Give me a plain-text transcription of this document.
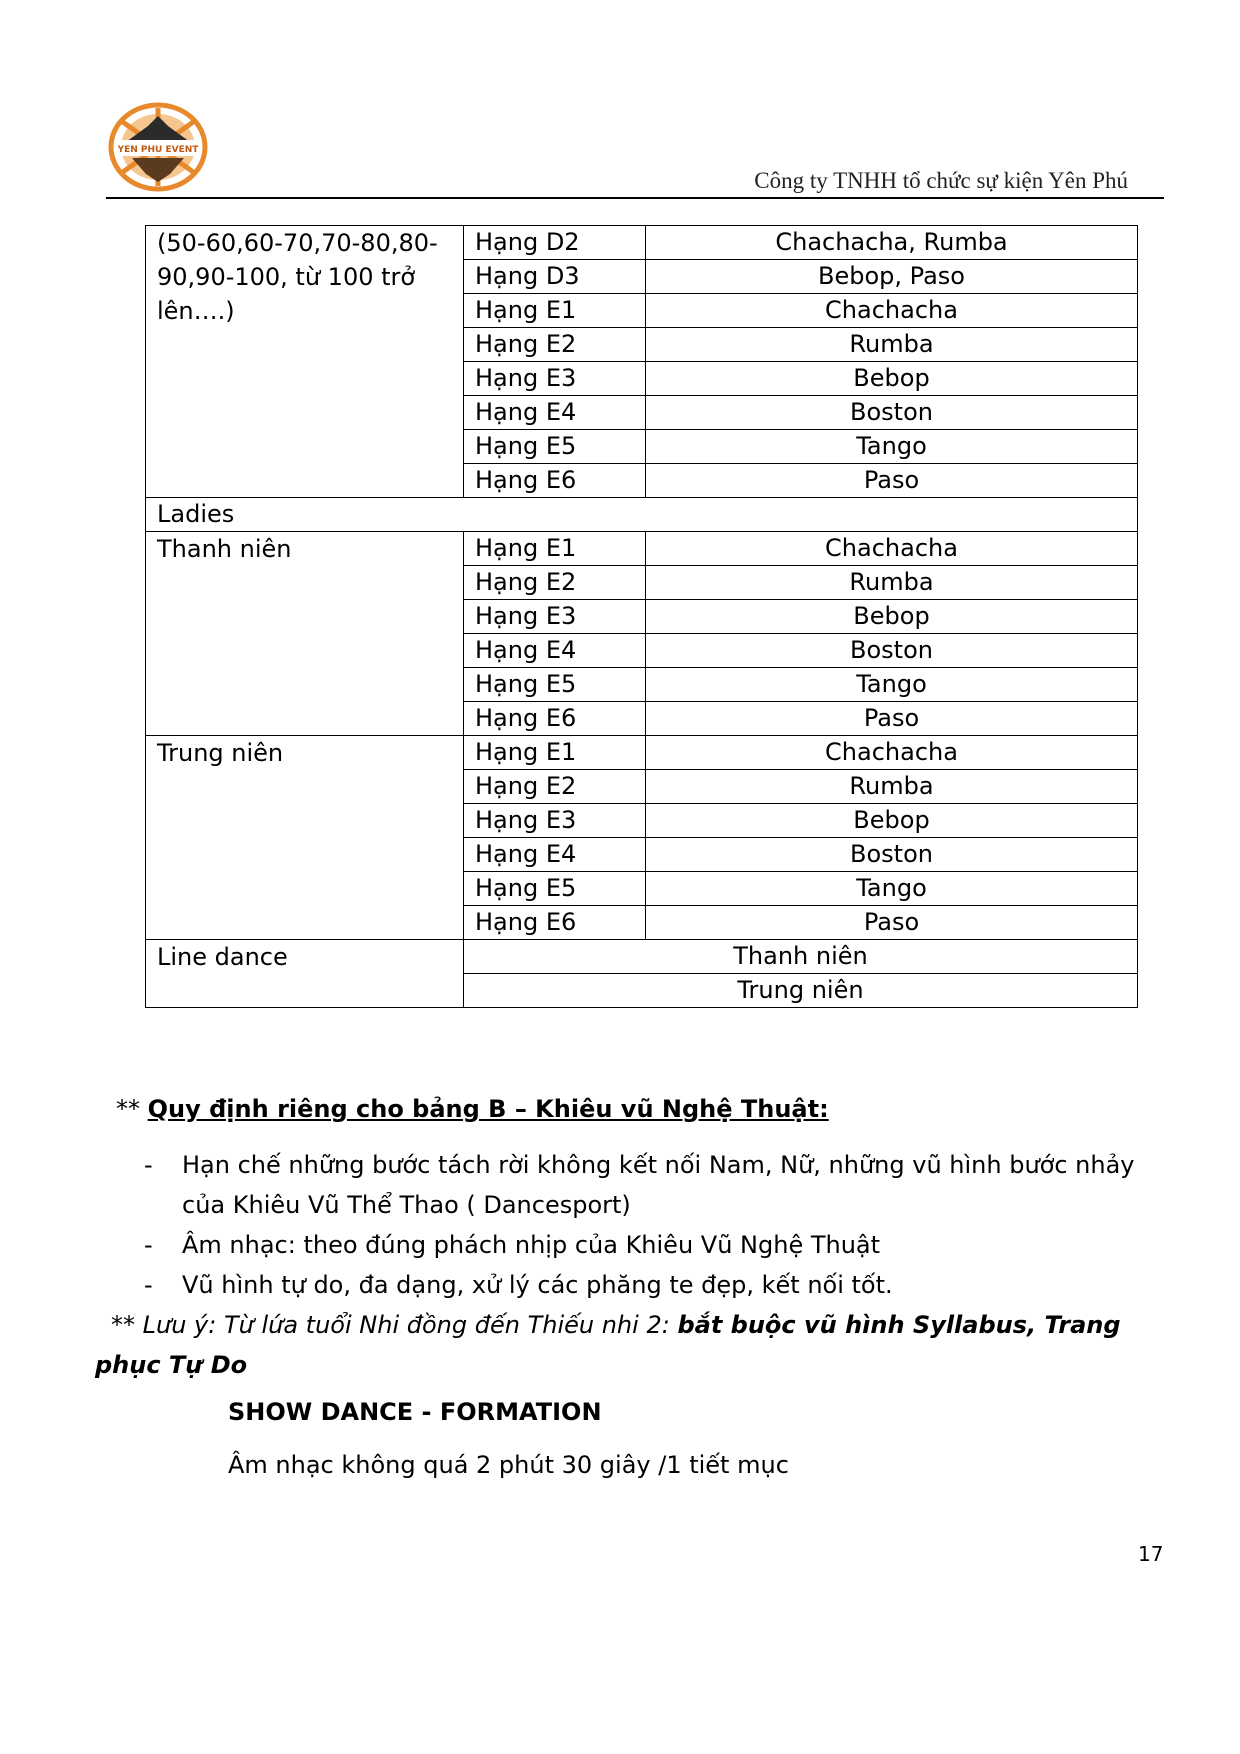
YEN PHU EVENT
Công ty TNHH tổ chức sự kiện Yên Phú
(50-60,60-70,70-80,80-90,90-100, từ 100 trở lên….)	Hạng D2	Chachacha, Rumba
	Hạng D3	Bebop, Paso
	Hạng E1	Chachacha
	Hạng E2	Rumba
	Hạng E3	Bebop
	Hạng E4	Boston
	Hạng E5	Tango
	Hạng E6	Paso
Ladies		
Thanh niên	Hạng E1	Chachacha
	Hạng E2	Rumba
	Hạng E3	Bebop
	Hạng E4	Boston
	Hạng E5	Tango
	Hạng E6	Paso
Trung niên	Hạng E1	Chachacha
	Hạng E2	Rumba
	Hạng E3	Bebop
	Hạng E4	Boston
	Hạng E5	Tango
	Hạng E6	Paso
Line dance	Thanh niên	
	Trung niên	
** Quy định riêng cho bảng B – Khiêu vũ Nghệ Thuật:
- Hạn chế những bước tách rời không kết nối Nam, Nữ, những vũ hình bước nhảy của Khiêu Vũ Thể Thao ( Dancesport)
- Âm nhạc: theo đúng phách nhịp của Khiêu Vũ Nghệ Thuật
- Vũ hình tự do, đa dạng, xử lý các phăng te đẹp, kết nối tốt.
** Lưu ý: Từ lứa tuổi Nhi đồng đến Thiếu nhi 2: bắt buộc vũ hình Syllabus, Trang phục Tự Do
SHOW DANCE - FORMATION
Âm nhạc không quá 2 phút 30 giây /1 tiết mục
17
